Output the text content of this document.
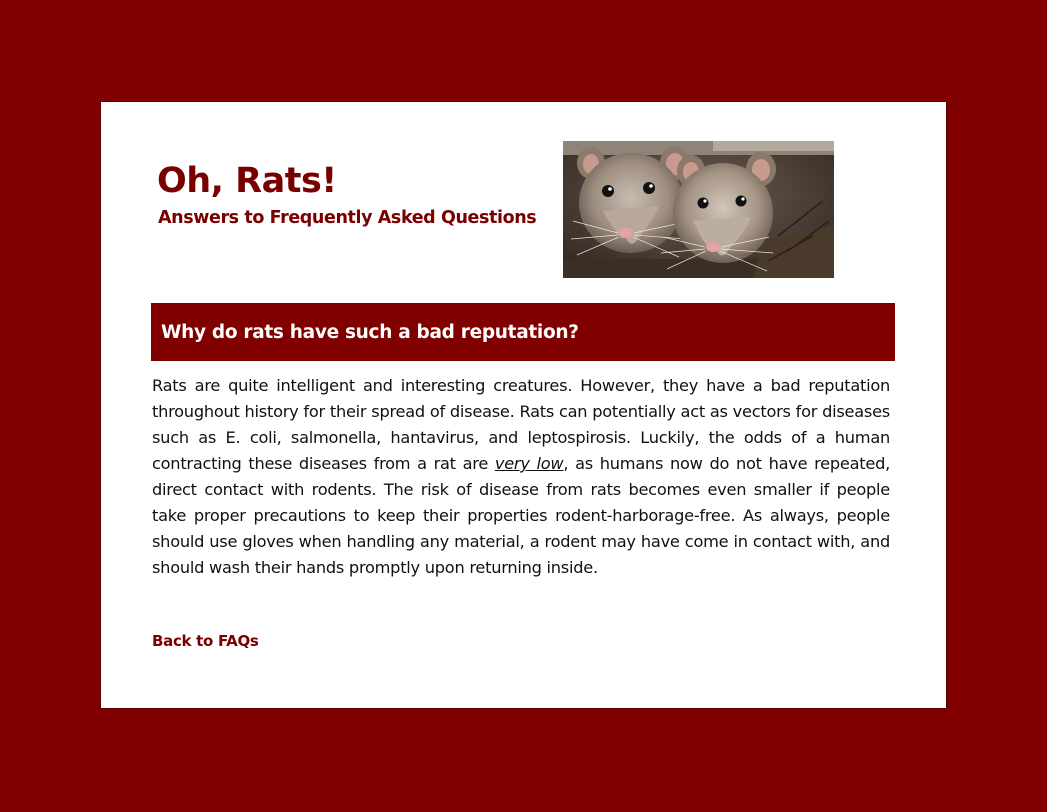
Oh, Rats!
Answers to Frequently Asked Questions
Why do rats have such a bad reputation?

Rats are quite intelligent and interesting creatures. However, they have a bad reputation throughout history for their spread of disease. Rats can potentially act as vectors for diseases such as E. coli, salmonella, hantavirus, and leptospirosis. Luckily, the odds of a human contracting these diseases from a rat are very low, as humans now do not have repeated, direct contact with rodents. The risk of disease from rats becomes even smaller if people take proper precautions to keep their properties rodent-harborage-free. As always, people should use gloves when handling any material, a rodent may have come in contact with, and should wash their hands promptly upon returning inside.

Back to FAQs
